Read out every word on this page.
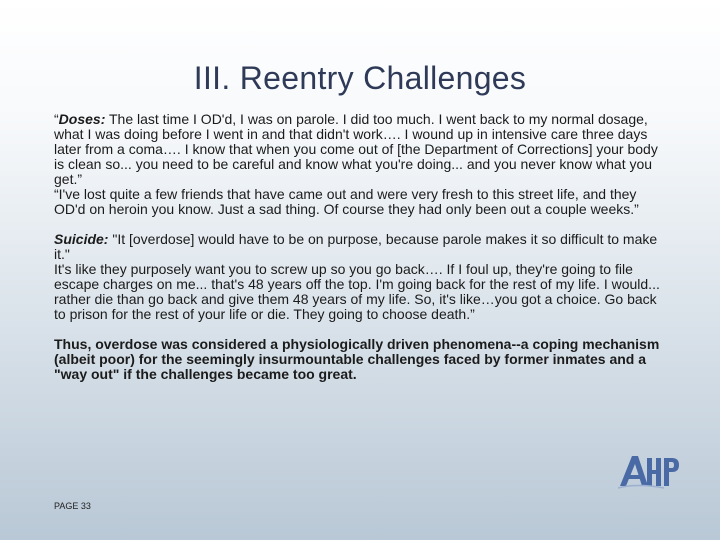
III. Reentry Challenges

“Doses: The last time I OD'd, I was on parole. I did too much. I went back to my normal dosage, what I was doing before I went in and that didn't work…. I wound up in intensive care three days later from a coma…. I know that when you come out of [the Department of Corrections] your body is clean so... you need to be careful and know what you're doing... and you never know what you get.”

“I've lost quite a few friends that have came out and were very fresh to this street life, and they OD'd on heroin you know. Just a sad thing. Of course they had only been out a couple weeks.”

Suicide: "It [overdose] would have to be on purpose, because parole makes it so difficult to make it."

It's like they purposely want you to screw up so you go back…. If I foul up, they're going to file escape charges on me... that's 48 years off the top. I'm going back for the rest of my life. I would... rather die than go back and give them 48 years of my life. So, it's like…you got a choice. Go back to prison for the rest of your life or die. They going to choose death.”

Thus, overdose was considered a physiologically driven phenomena--a coping mechanism (albeit poor) for the seemingly insurmountable challenges faced by former inmates and a "way out" if the challenges became too great.

PAGE 33
